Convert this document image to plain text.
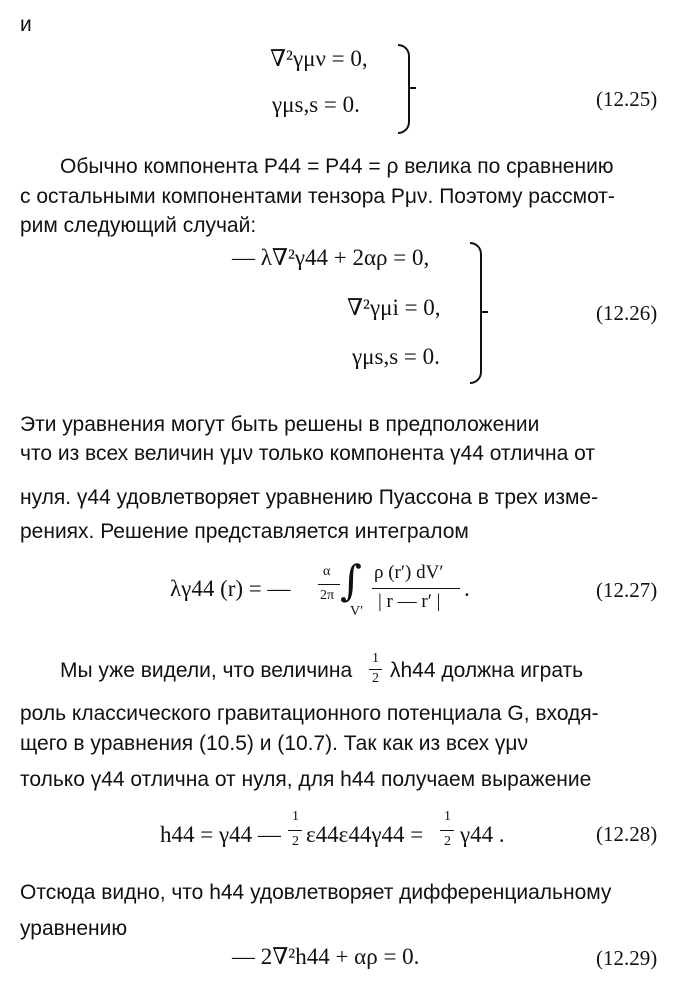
и
∇²γμν = 0,
γμs,s = 0.	(12.25)
Обычно компонента P44 = P44 = ρ велика по сравнению
с остальными компонентами тензора Pμν. Поэтому рассмот-
рим следующий случай:
— λ∇²γ44 + 2αρ = 0,
∇²γμi = 0,
γμs,s = 0.
(12.26)
Эти уравнения могут быть решены в предположении
что из всех величин γμν только компонента γ44 отлична от
нуля. γ44 удовлетворяет уравнению Пуассона в трех изме-
рениях. Решение представляется интегралом
λγ44 (r) = —
α
2π ∫
V′
ρ (r′) dV′
| r — r′ |
.	(12.27)
Мы уже видели, что величина
1
2 λh44 должна играть
роль классического гравитационного потенциала G, входя-
щего в уравнения (10.5) и (10.7). Так как из всех γμν
только γ44 отлична от нуля, для h44 получаем выражение
h44 = γ44 —
1
2 ε44ε44γ44 =
1
2 γ44 .	(12.28)
Отсюда видно, что h44 удовлетворяет дифференциальному
уравнению
— 2∇²h44 + αρ = 0.	(12.29)
